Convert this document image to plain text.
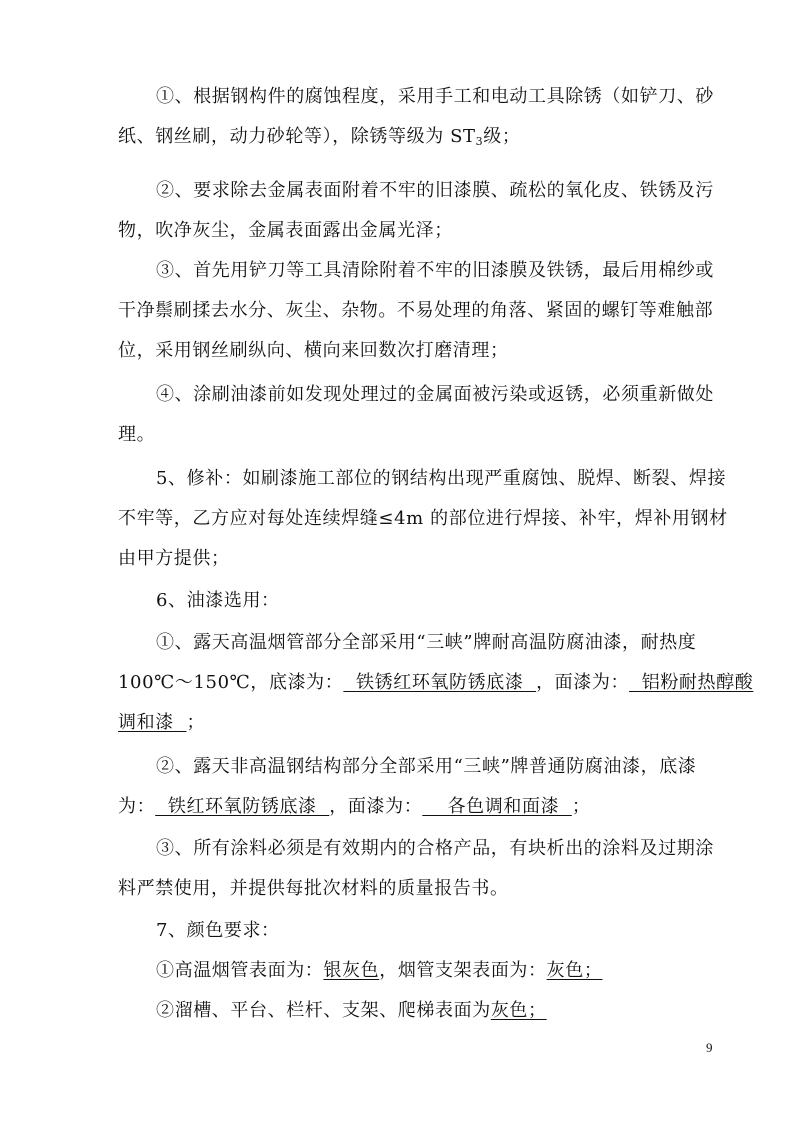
①、根据钢构件的腐蚀程度，采用手工和电动工具除锈（如铲刀、砂
纸、钢丝刷，动力砂轮等），除锈等级为 $ST_3$级；
②、要求除去金属表面附着不牢的旧漆膜、疏松的氧化皮、铁锈及污
物，吹净灰尘，金属表面露出金属光泽；
③、首先用铲刀等工具清除附着不牢的旧漆膜及铁锈，最后用棉纱或
干净鬃刷揉去水分、灰尘、杂物。不易处理的角落、紧固的螺钉等难触部
位，采用钢丝刷纵向、横向来回数次打磨清理；
④、涂刷油漆前如发现处理过的金属面被污染或返锈，必须重新做处
理。
5、修补：如刷漆施工部位的钢结构出现严重腐蚀、脱焊、断裂、焊接
不牢等，乙方应对每处连续焊缝≤4m 的部位进行焊接、补牢，焊补用钢材
由甲方提供；
6、油漆选用：
①、露天高温烟管部分全部采用“三峡”牌耐高温防腐油漆，耐热度
100℃～150℃，底漆为：  铁锈红环氧防锈底漆  ，面漆为：  铝粉耐热醇酸
调和漆  ；
②、露天非高温钢结构部分全部采用“三峡”牌普通防腐油漆，底漆
为：  铁红环氧防锈底漆  ，面漆为：    各色调和面漆  ；
③、所有涂料必须是有效期内的合格产品，有块析出的涂料及过期涂
料严禁使用，并提供每批次材料的质量报告书。
7、颜色要求：
①高温烟管表面为：银灰色，烟管支架表面为：灰色；
②溜槽、平台、栏杆、支架、爬梯表面为灰色；
9
